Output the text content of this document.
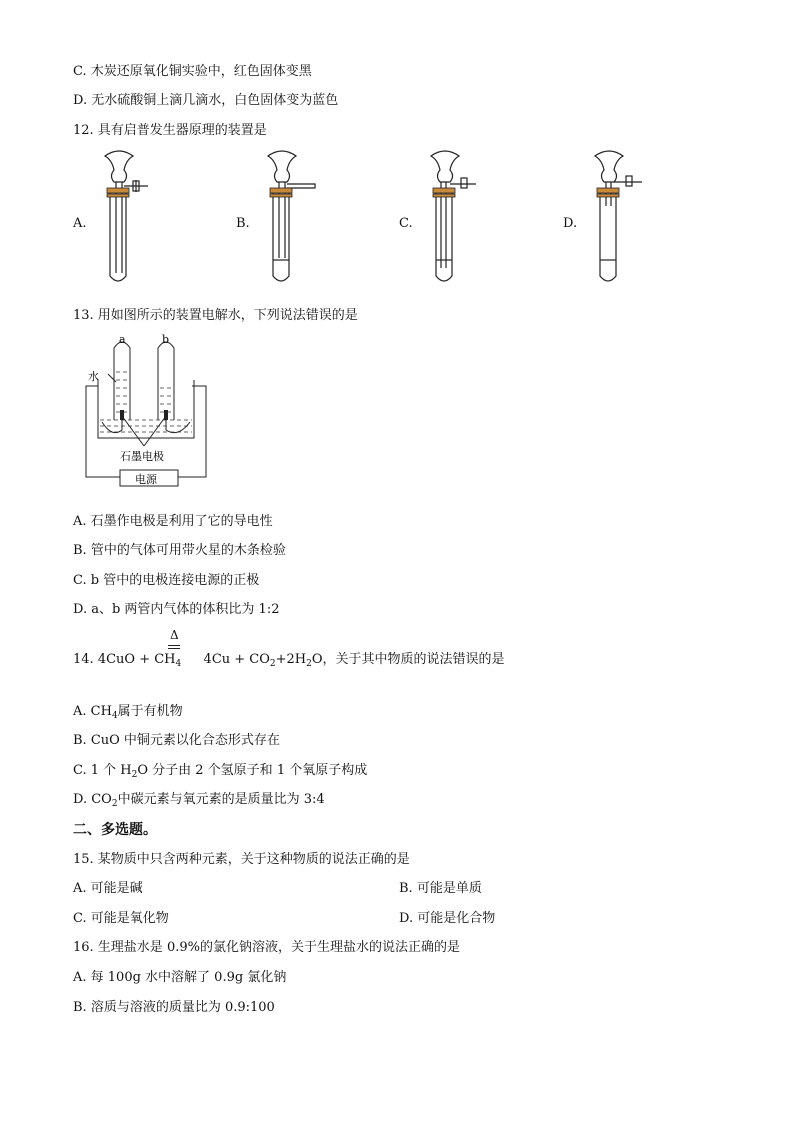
C. 木炭还原氧化铜实验中，红色固体变黑
D. 无水硫酸铜上滴几滴水，白色固体变为蓝色
12. 具有启普发生器原理的装置是
A.	B.	C.	D.
13. 用如图所示的装置电解水，下列说法错误的是
a	b
水
石墨电极
电源
A. 石墨作电极是利用了它的导电性
B. 管中的气体可用带火星的木条检验
C. b 管中的电极连接电源的正极
D. a、b 两管内气体的体积比为 1:2
Δ
14. $4CuO + CH_4$ $4Cu + CO_2+2H_2O$，关于其中物质的说法错误的是
A. $CH_4$属于有机物
B. CuO 中铜元素以化合态形式存在
C. 1 个 $H_2O$ 分子由 2 个氢原子和 1 个氧原子构成
D. $CO_2$中碳元素与氧元素的是质量比为 3:4
二、多选题。
15. 某物质中只含两种元素，关于这种物质的说法正确的是
A. 可能是碱	B. 可能是单质
C. 可能是氧化物	D. 可能是化合物
16. 生理盐水是 0.9%的氯化钠溶液，关于生理盐水的说法正确的是
A. 每 100g 水中溶解了 0.9g 氯化钠
B. 溶质与溶液的质量比为 0.9:100
